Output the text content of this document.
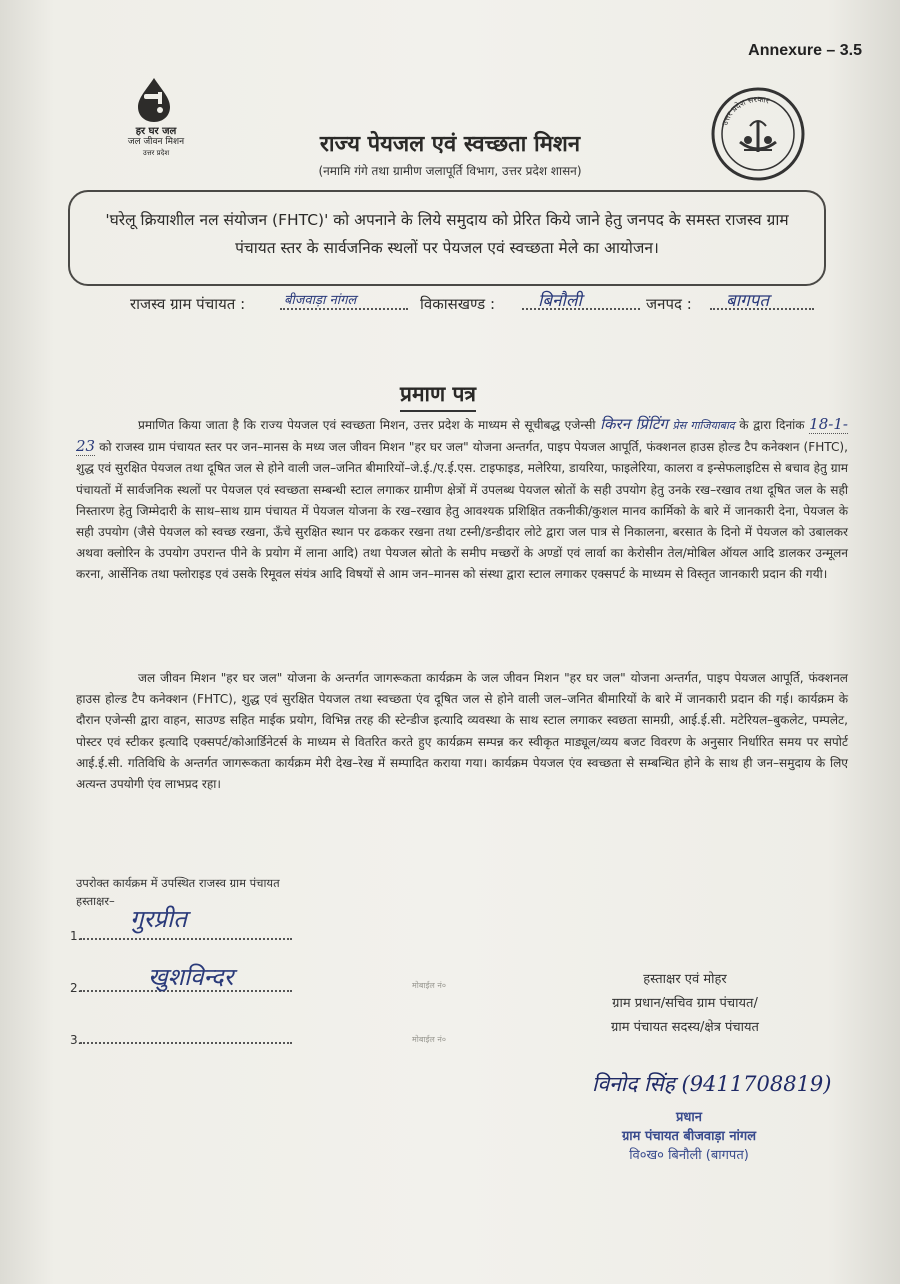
Annexure – 3.5
हर घर जल
जल जीवन मिशन
उत्तर प्रदेश
उत्तर प्रदेश सरकार
राज्य पेयजल एवं स्वच्छता मिशन
(नमामि गंगे तथा ग्रामीण जलापूर्ति विभाग, उत्तर प्रदेश शासन)
'घरेलू क्रियाशील नल संयोजन (FHTC)' को अपनाने के लिये समुदाय को प्रेरित किये जाने हेतु जनपद के समस्त राजस्व ग्राम पंचायत स्तर के सार्वजनिक स्थलों पर पेयजल एवं स्वच्छता मेले का आयोजन।
राजस्व ग्राम पंचायत :	बीजवाड़ा नांगल	विकासखण्ड :	बिनौली	जनपद : बागपत
प्रमाण पत्र
प्रमाणित किया जाता है कि राज्य पेयजल एवं स्वच्छता मिशन, उत्तर प्रदेश के माध्यम से सूचीबद्ध एजेन्सी किरन प्रिंटिंग प्रेस गाजियाबाद के द्वारा दिनांक 18-1-23 को राजस्व ग्राम पंचायत स्तर पर जन–मानस के मध्य जल जीवन मिशन "हर घर जल" योजना अन्तर्गत, पाइप पेयजल आपूर्ति, फंक्शनल हाउस होल्ड टैप कनेक्शन (FHTC), शुद्ध एवं सुरक्षित पेयजल तथा दूषित जल से होने वाली जल–जनित बीमारियों–जे.ई./ए.ई.एस. टाइफाइड, मलेरिया, डायरिया, फाइलेरिया, कालरा व इन्सेफलाइटिस से बचाव हेतु ग्राम पंचायतों में सार्वजनिक स्थलों पर पेयजल एवं स्वच्छता सम्बन्धी स्टाल लगाकर ग्रामीण क्षेत्रों में उपलब्ध पेयजल स्रोतों के सही उपयोग हेतु उनके रख–रखाव तथा दूषित जल के सही निस्तारण हेतु जिम्मेदारी के साथ–साथ ग्राम पंचायत में पेयजल योजना के रख–रखाव हेतु आवश्यक प्रशिक्षित तकनीकी/कुशल मानव कार्मिको के बारे में जानकारी देना, पेयजल के सही उपयोग (जैसे पेयजल को स्वच्छ रखना, ऊँचे सुरक्षित स्थान पर ढककर रखना तथा टस्नी/डन्डीदार लोटे द्वारा जल पात्र से निकालना, बरसात के दिनो में पेयजल को उबालकर अथवा क्लोरिन के उपयोग उपरान्त पीने के प्रयोग में लाना आदि) तथा पेयजल स्रोतो के समीप मच्छरों के अण्डों एवं लार्वा का केरोसीन तेल/मोबिल ऑयल आदि डालकर उन्मूलन करना, आर्सेनिक तथा फ्लोराइड एवं उसके रिमूवल संयंत्र आदि विषयों से आम जन–मानस को संस्था द्वारा स्टाल लगाकर एक्सपर्ट के माध्यम से विस्तृत जानकारी प्रदान की गयी।
जल जीवन मिशन "हर घर जल" योजना के अन्तर्गत जागरूकता कार्यक्रम के जल जीवन मिशन "हर घर जल" योजना अन्तर्गत, पाइप पेयजल आपूर्ति, फंक्शनल हाउस होल्ड टैप कनेक्शन (FHTC), शुद्ध एवं सुरक्षित पेयजल तथा स्वच्छता एंव दूषित जल से होने वाली जल–जनित बीमारियों के बारे में जानकारी प्रदान की गई। कार्यक्रम के दौरान एजेन्सी द्वारा वाहन, साउण्ड सहित माईक प्रयोग, विभिन्न तरह की स्टेन्डीज इत्यादि व्यवस्था के साथ स्टाल लगाकर स्वछता सामग्री, आई.ई.सी. मटेरियल–बुकलेट, पम्पलेट, पोस्टर एवं स्टीकर इत्यादि एक्सपर्ट/कोआर्डिनेटर्स के माध्यम से वितरित करते हुए कार्यक्रम सम्पन्न कर स्वीकृत माड्यूल/व्यय बजट विवरण के अनुसार निर्धारित समय पर सपोर्ट आई.ई.सी. गतिविधि के अन्तर्गत जागरूकता कार्यक्रम मेरी देख–रेख में सम्पादित कराया गया। कार्यक्रम पेयजल एंव स्वच्छता से सम्बन्धित होने के साथ ही जन–समुदाय के लिए अत्यन्त उपयोगी एंव लाभप्रद रहा।
उपरोक्त कार्यक्रम में उपस्थित राजस्व ग्राम पंचायत
हस्ताक्षर–
1.
गुरप्रीत
2.	खुशविन्दर
3.
मोबाईल नं०
मोबाईल नं०
हस्ताक्षर एवं मोहर
ग्राम प्रधान/सचिव ग्राम पंचायत/
ग्राम पंचायत सदस्य/क्षेत्र पंचायत
विनोद सिंह (9411708819)
प्रधान
ग्राम पंचायत बीजवाड़ा नांगल
वि०ख० बिनौली (बागपत)
